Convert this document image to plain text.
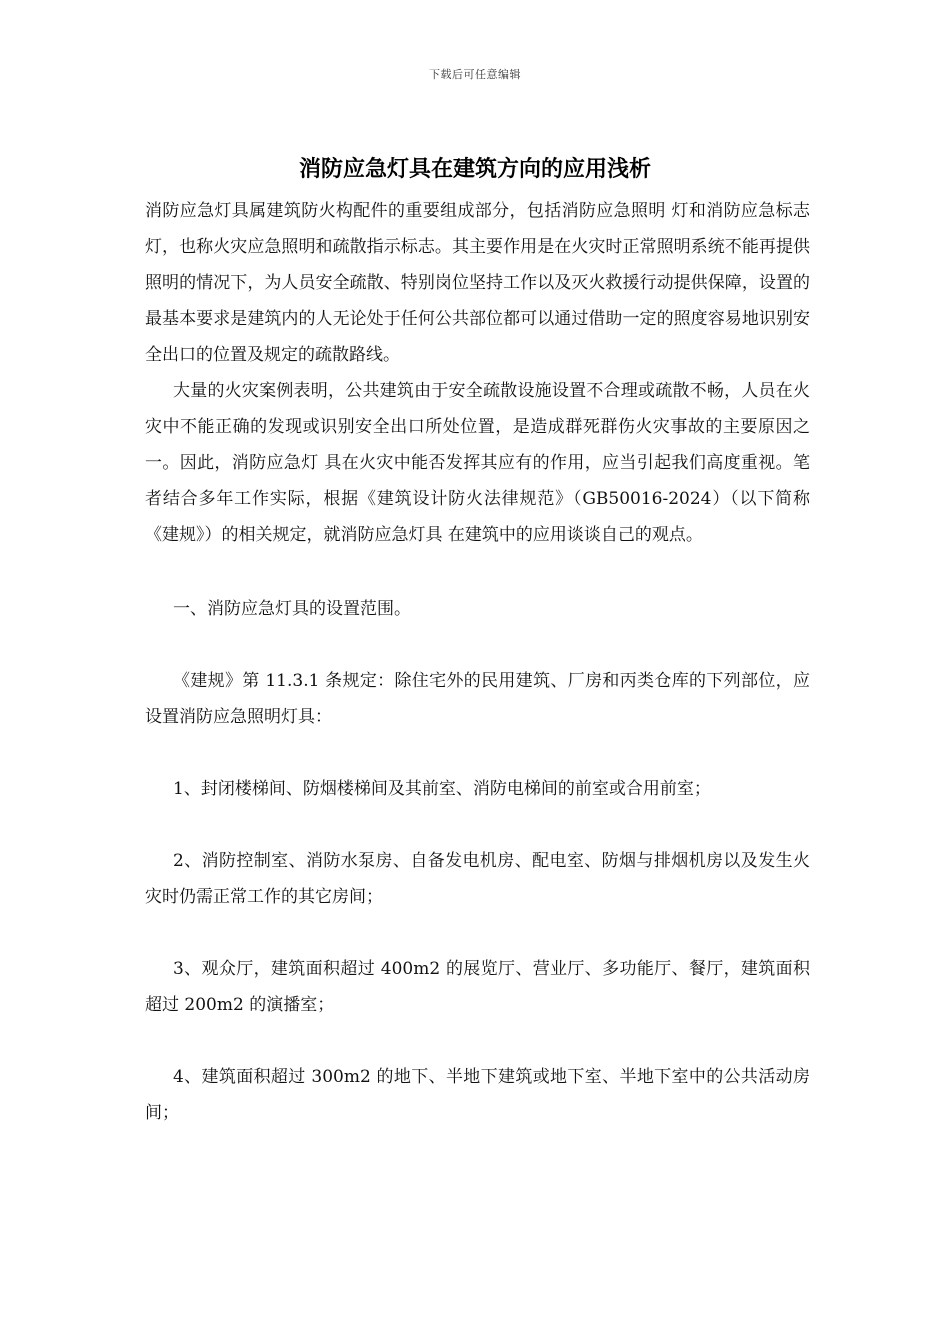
下载后可任意编辑
消防应急灯具在建筑方向的应用浅析

消防应急灯具属建筑防火构配件的重要组成部分，包括消防应急照明 灯和消防应急标志灯，也称火灾应急照明和疏散指示标志。其主要作用是在火灾时正常照明系统不能再提供照明的情况下，为人员安全疏散、特别岗位坚持工作以及灭火救援行动提供保障，设置的最基本要求是建筑内的人无论处于任何公共部位都可以通过借助一定的照度容易地识别安全出口的位置及规定的疏散路线。

大量的火灾案例表明，公共建筑由于安全疏散设施设置不合理或疏散不畅，人员在火灾中不能正确的发现或识别安全出口所处位置，是造成群死群伤火灾事故的主要原因之一。因此，消防应急灯 具在火灾中能否发挥其应有的作用，应当引起我们高度重视。笔者结合多年工作实际，根据《建筑设计防火法律规范》（GB50016-2024）（以下简称《建规》）的相关规定，就消防应急灯具 在建筑中的应用谈谈自己的观点。

一、消防应急灯具的设置范围。

《建规》第 11.3.1 条规定：除住宅外的民用建筑、厂房和丙类仓库的下列部位，应设置消防应急照明灯具：

1、封闭楼梯间、防烟楼梯间及其前室、消防电梯间的前室或合用前室；

2、消防控制室、消防水泵房、自备发电机房、配电室、防烟与排烟机房以及发生火灾时仍需正常工作的其它房间；

3、观众厅，建筑面积超过 400m2 的展览厅、营业厅、多功能厅、餐厅，建筑面积超过 200m2 的演播室；

4、建筑面积超过 300m2 的地下、半地下建筑或地下室、半地下室中的公共活动房间；
